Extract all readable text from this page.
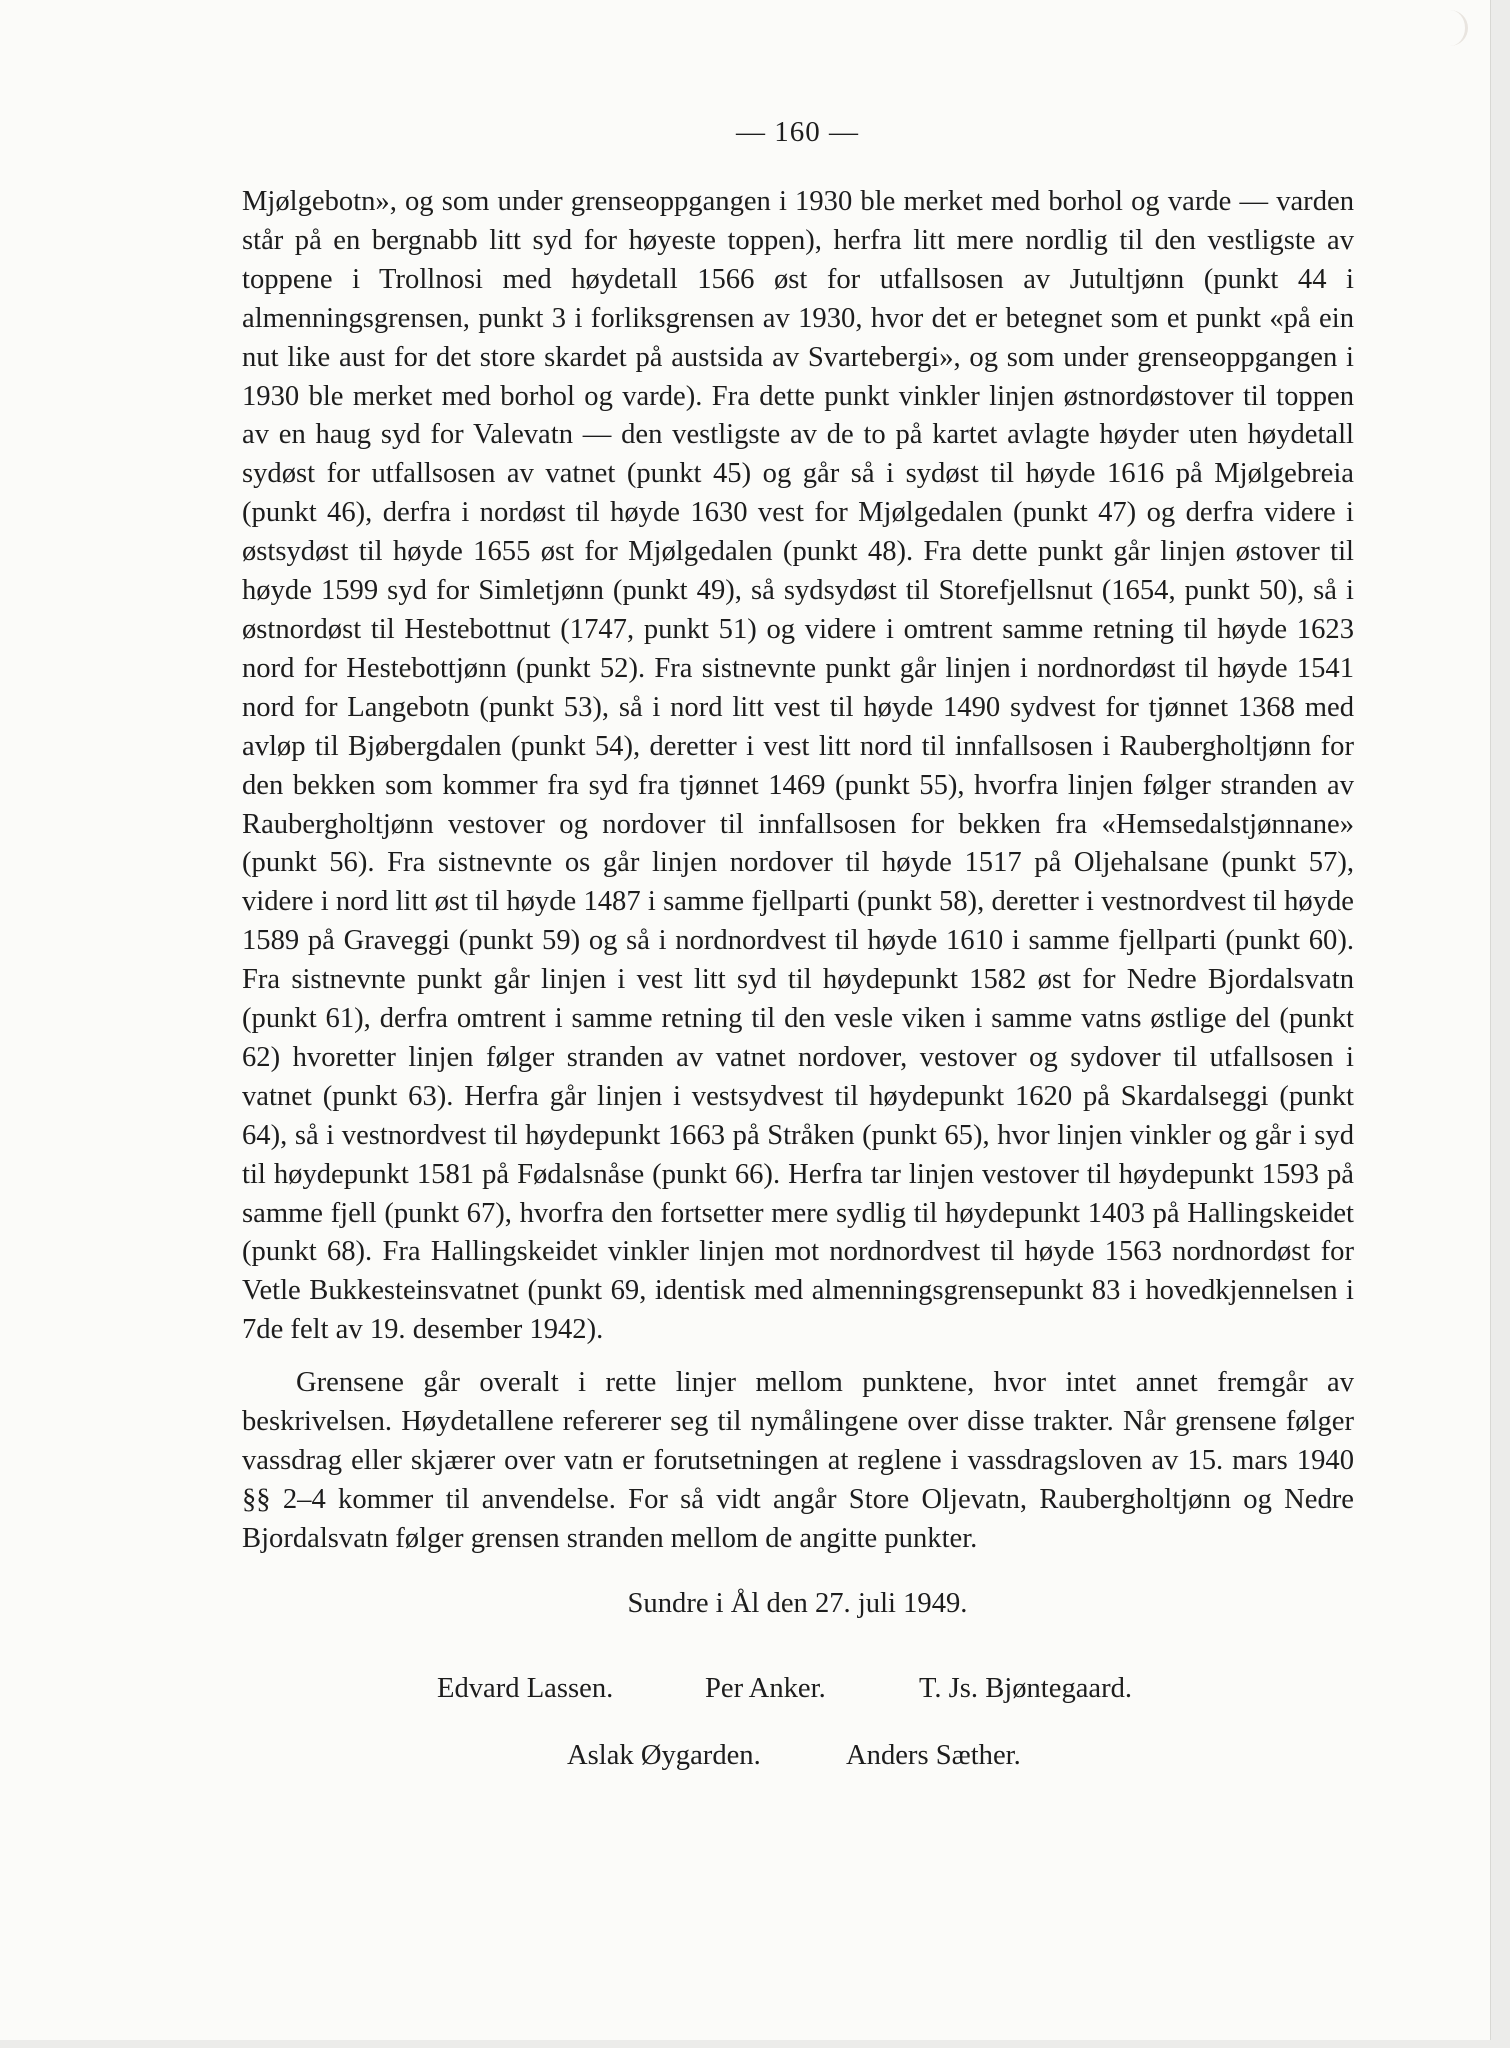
— 160 —

Mjølgebotn», og som under grenseoppgangen i 1930 ble merket med borhol og varde — varden står på en bergnabb litt syd for høyeste toppen), herfra litt mere nordlig til den vestligste av toppene i Trollnosi med høydetall 1566 øst for utfallsosen av Jutultjønn (punkt 44 i almenningsgrensen, punkt 3 i forliksgrensen av 1930, hvor det er betegnet som et punkt «på ein nut like aust for det store skardet på austsida av Svartebergi», og som under grenseoppgangen i 1930 ble merket med borhol og varde). Fra dette punkt vinkler linjen østnordøstover til toppen av en haug syd for Valevatn — den vestligste av de to på kartet avlagte høyder uten høydetall sydøst for utfallsosen av vatnet (punkt 45) og går så i sydøst til høyde 1616 på Mjølgebreia (punkt 46), derfra i nordøst til høyde 1630 vest for Mjølgedalen (punkt 47) og derfra videre i østsydøst til høyde 1655 øst for Mjølgedalen (punkt 48). Fra dette punkt går linjen østover til høyde 1599 syd for Simletjønn (punkt 49), så sydsydøst til Storefjellsnut (1654, punkt 50), så i østnordøst til Hestebottnut (1747, punkt 51) og videre i omtrent samme retning til høyde 1623 nord for Hestebottjønn (punkt 52). Fra sistnevnte punkt går linjen i nordnordøst til høyde 1541 nord for Langebotn (punkt 53), så i nord litt vest til høyde 1490 sydvest for tjønnet 1368 med avløp til Bjøbergdalen (punkt 54), deretter i vest litt nord til innfallsosen i Raubergholtjønn for den bekken som kommer fra syd fra tjønnet 1469 (punkt 55), hvorfra linjen følger stranden av Raubergholtjønn vestover og nordover til innfallsosen for bekken fra «Hemsedalstjønnane» (punkt 56). Fra sistnevnte os går linjen nordover til høyde 1517 på Oljehalsane (punkt 57), videre i nord litt øst til høyde 1487 i samme fjellparti (punkt 58), deretter i vestnordvest til høyde 1589 på Graveggi (punkt 59) og så i nordnordvest til høyde 1610 i samme fjellparti (punkt 60). Fra sistnevnte punkt går linjen i vest litt syd til høydepunkt 1582 øst for Nedre Bjordalsvatn (punkt 61), derfra omtrent i samme retning til den vesle viken i samme vatns østlige del (punkt 62) hvoretter linjen følger stranden av vatnet nordover, vestover og sydover til utfallsosen i vatnet (punkt 63). Herfra går linjen i vestsydvest til høydepunkt 1620 på Skardalseggi (punkt 64), så i vestnordvest til høydepunkt 1663 på Stråken (punkt 65), hvor linjen vinkler og går i syd til høydepunkt 1581 på Fødalsnåse (punkt 66). Herfra tar linjen vestover til høydepunkt 1593 på samme fjell (punkt 67), hvorfra den fortsetter mere sydlig til høydepunkt 1403 på Hallingskeidet (punkt 68). Fra Hallingskeidet vinkler linjen mot nordnordvest til høyde 1563 nordnordøst for Vetle Bukkesteinsvatnet (punkt 69, identisk med almenningsgrensepunkt 83 i hovedkjennelsen i 7de felt av 19. desember 1942).

Grensene går overalt i rette linjer mellom punktene, hvor intet annet fremgår av beskrivelsen. Høydetallene refererer seg til nymålingene over disse trakter. Når grensene følger vassdrag eller skjærer over vatn er forutsetningen at reglene i vassdragsloven av 15. mars 1940 §§ 2–4 kommer til anvendelse. For så vidt angår Store Oljevatn, Raubergholtjønn og Nedre Bjordalsvatn følger grensen stranden mellom de angitte punkter.

Sundre i Ål den 27. juli 1949.
Edvard Lassen.	Per Anker.	T. Js. Bjøntegaard.
Aslak Øygarden.	Anders Sæther.
